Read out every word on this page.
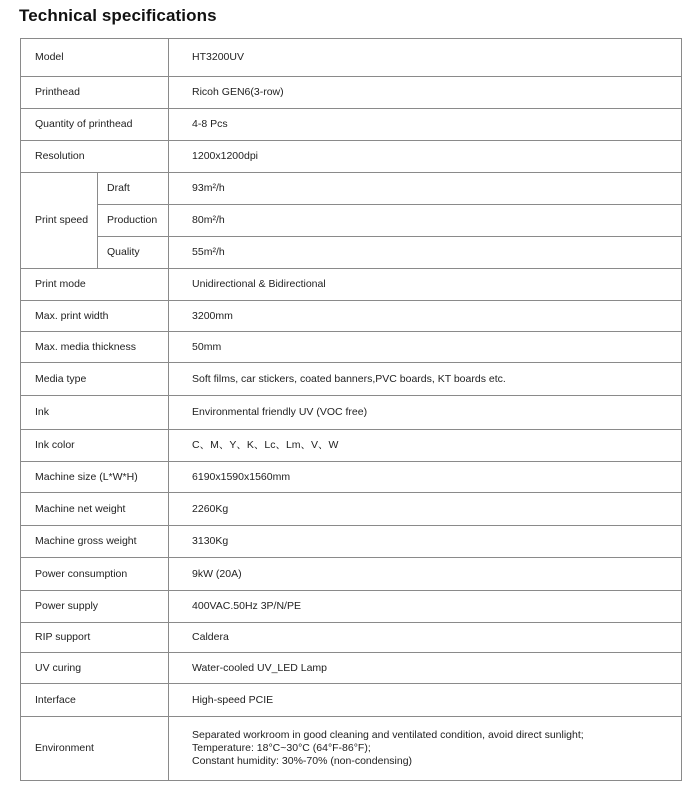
Technical specifications
Model		HT3200UV
Printhead		Ricoh GEN6(3-row)
Quantity of printhead		4-8 Pcs
Resolution		1200x1200dpi
Print speed	Draft	93m²/h
	Production	80m²/h
	Quality	55m²/h
Print mode		Unidirectional & Bidirectional
Max. print width		3200mm
Max. media thickness		50mm
Media type		Soft films, car stickers, coated banners,PVC boards, KT boards etc.
Ink		Environmental friendly UV (VOC free)
Ink color		C、M、Y、K、Lc、Lm、V、W
Machine size (L*W*H)		6190x1590x1560mm
Machine net weight		2260Kg
Machine gross weight		3130Kg
Power consumption		9kW (20A)
Power supply		400VAC.50Hz 3P/N/PE
RIP support		Caldera
UV curing		Water-cooled UV_LED Lamp
Interface		High-speed PCIE
Environment		Separated workroom in good cleaning and ventilated condition, avoid direct sunlight;
Temperature: 18°C~30°C (64°F-86°F);
Constant humidity: 30%-70% (non-condensing)
